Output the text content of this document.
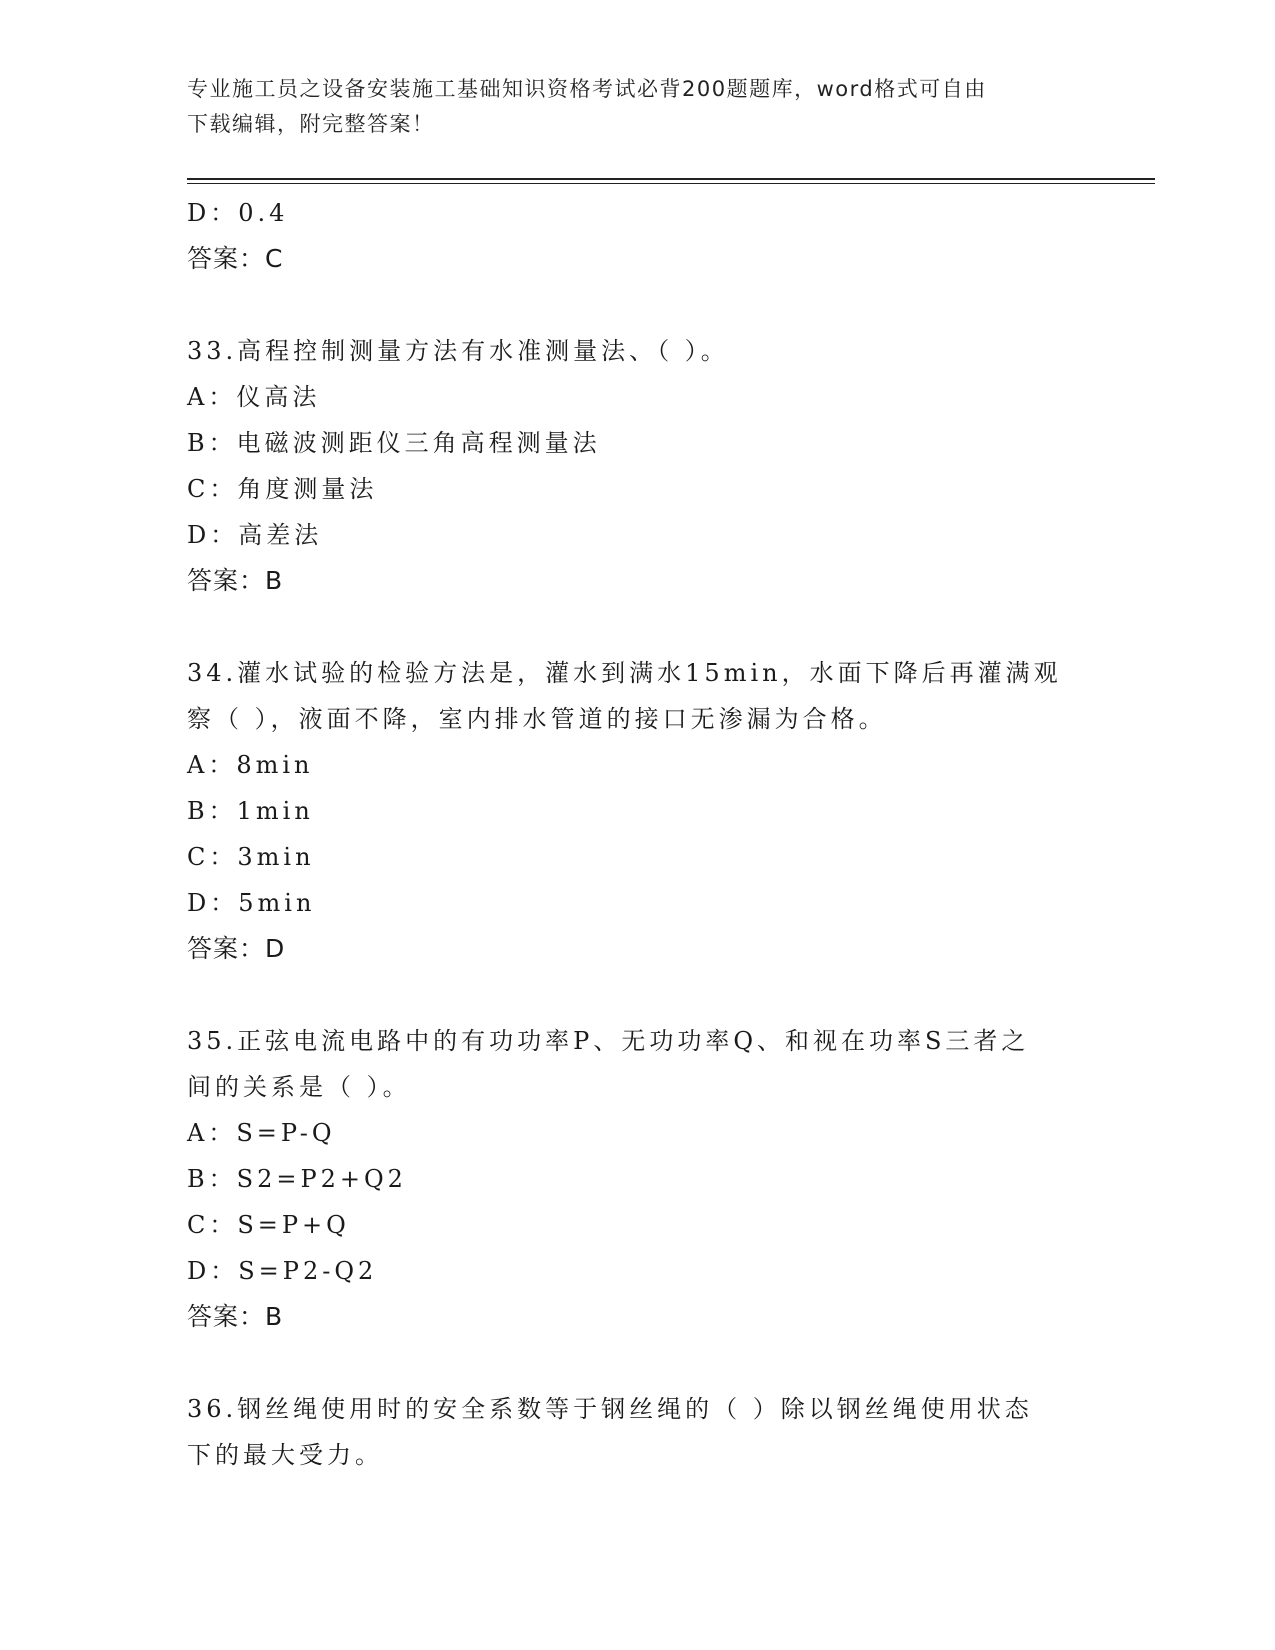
专业施工员之设备安装施工基础知识资格考试必背200题题库，word格式可自由
下载编辑，附完整答案！
D：0.4
答案：C
33.高程控制测量方法有水准测量法、（ ）。
A：仪高法
B：电磁波测距仪三角高程测量法
C：角度测量法
D：高差法
答案：B
34.灌水试验的检验方法是，灌水到满水15min，水面下降后再灌满观
察（ ），液面不降，室内排水管道的接口无渗漏为合格。
A：8min
B：1min
C：3min
D：5min
答案：D
35.正弦电流电路中的有功功率P、无功功率Q、和视在功率S三者之
间的关系是（ ）。
A：S=P-Q
B：S2=P2+Q2
C：S=P+Q
D：S=P2-Q2
答案：B
36.钢丝绳使用时的安全系数等于钢丝绳的（ ）除以钢丝绳使用状态
下的最大受力。
